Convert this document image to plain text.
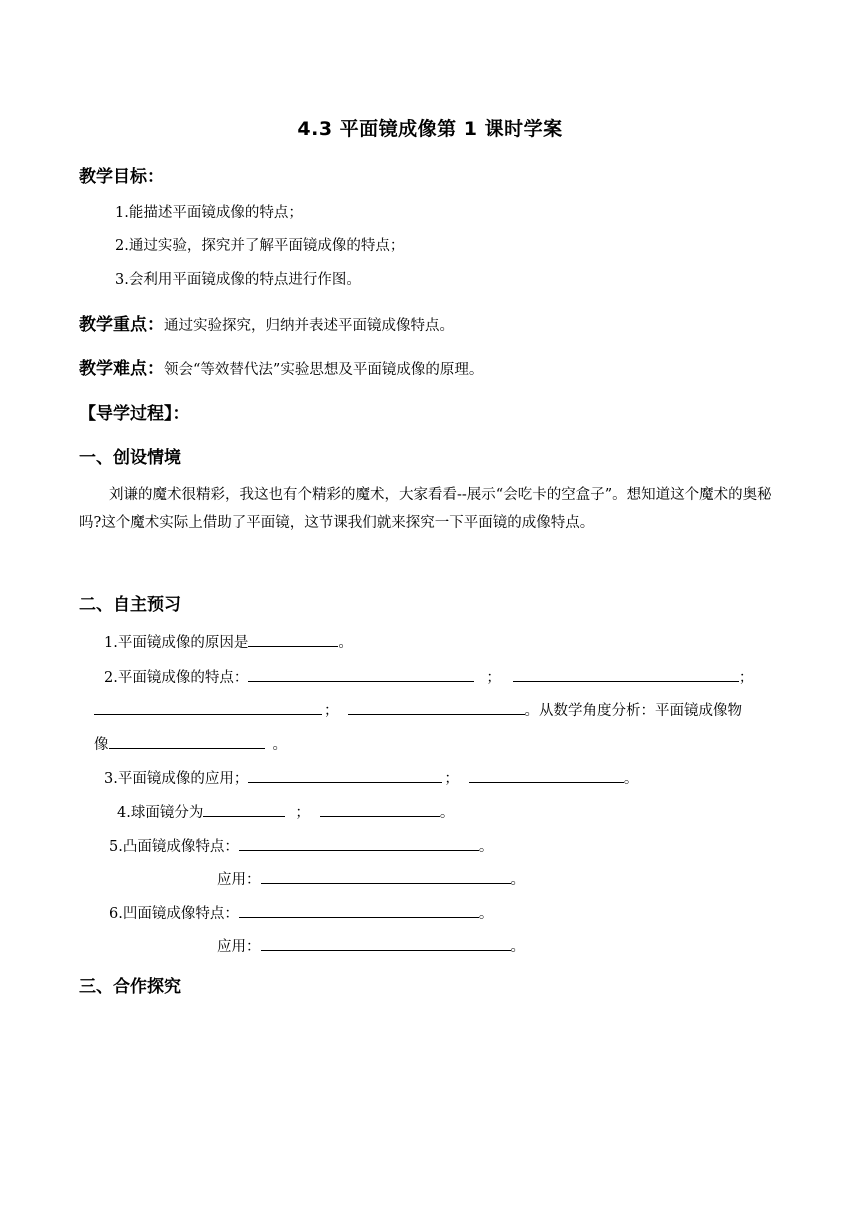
4.3 平面镜成像第 1 课时学案
教学目标：
1.能描述平面镜成像的特点；
2.通过实验，探究并了解平面镜成像的特点；
3.会利用平面镜成像的特点进行作图。
教学重点：通过实验探究，归纳并表述平面镜成像特点。
教学难点：领会“等效替代法”实验思想及平面镜成像的原理。
【导学过程】：
一、创设情境
刘谦的魔术很精彩，我这也有个精彩的魔术，大家看看--展示“会吃卡的空盒子”。想知道这个魔术的奥秘吗?这个魔术实际上借助了平面镜，这节课我们就来探究一下平面镜的成像特点。
二、自主预习
1.平面镜成像的原因是	。
2.平面镜成像的特点：	；	；
；	。从数学角度分析：平面镜成像物
像	。
3.平面镜成像的应用；	；	。
4.球面镜分为	；	。
5.凸面镜成像特点：	。
应用：	。
6.凹面镜成像特点：	。
应用：	。
三、合作探究
